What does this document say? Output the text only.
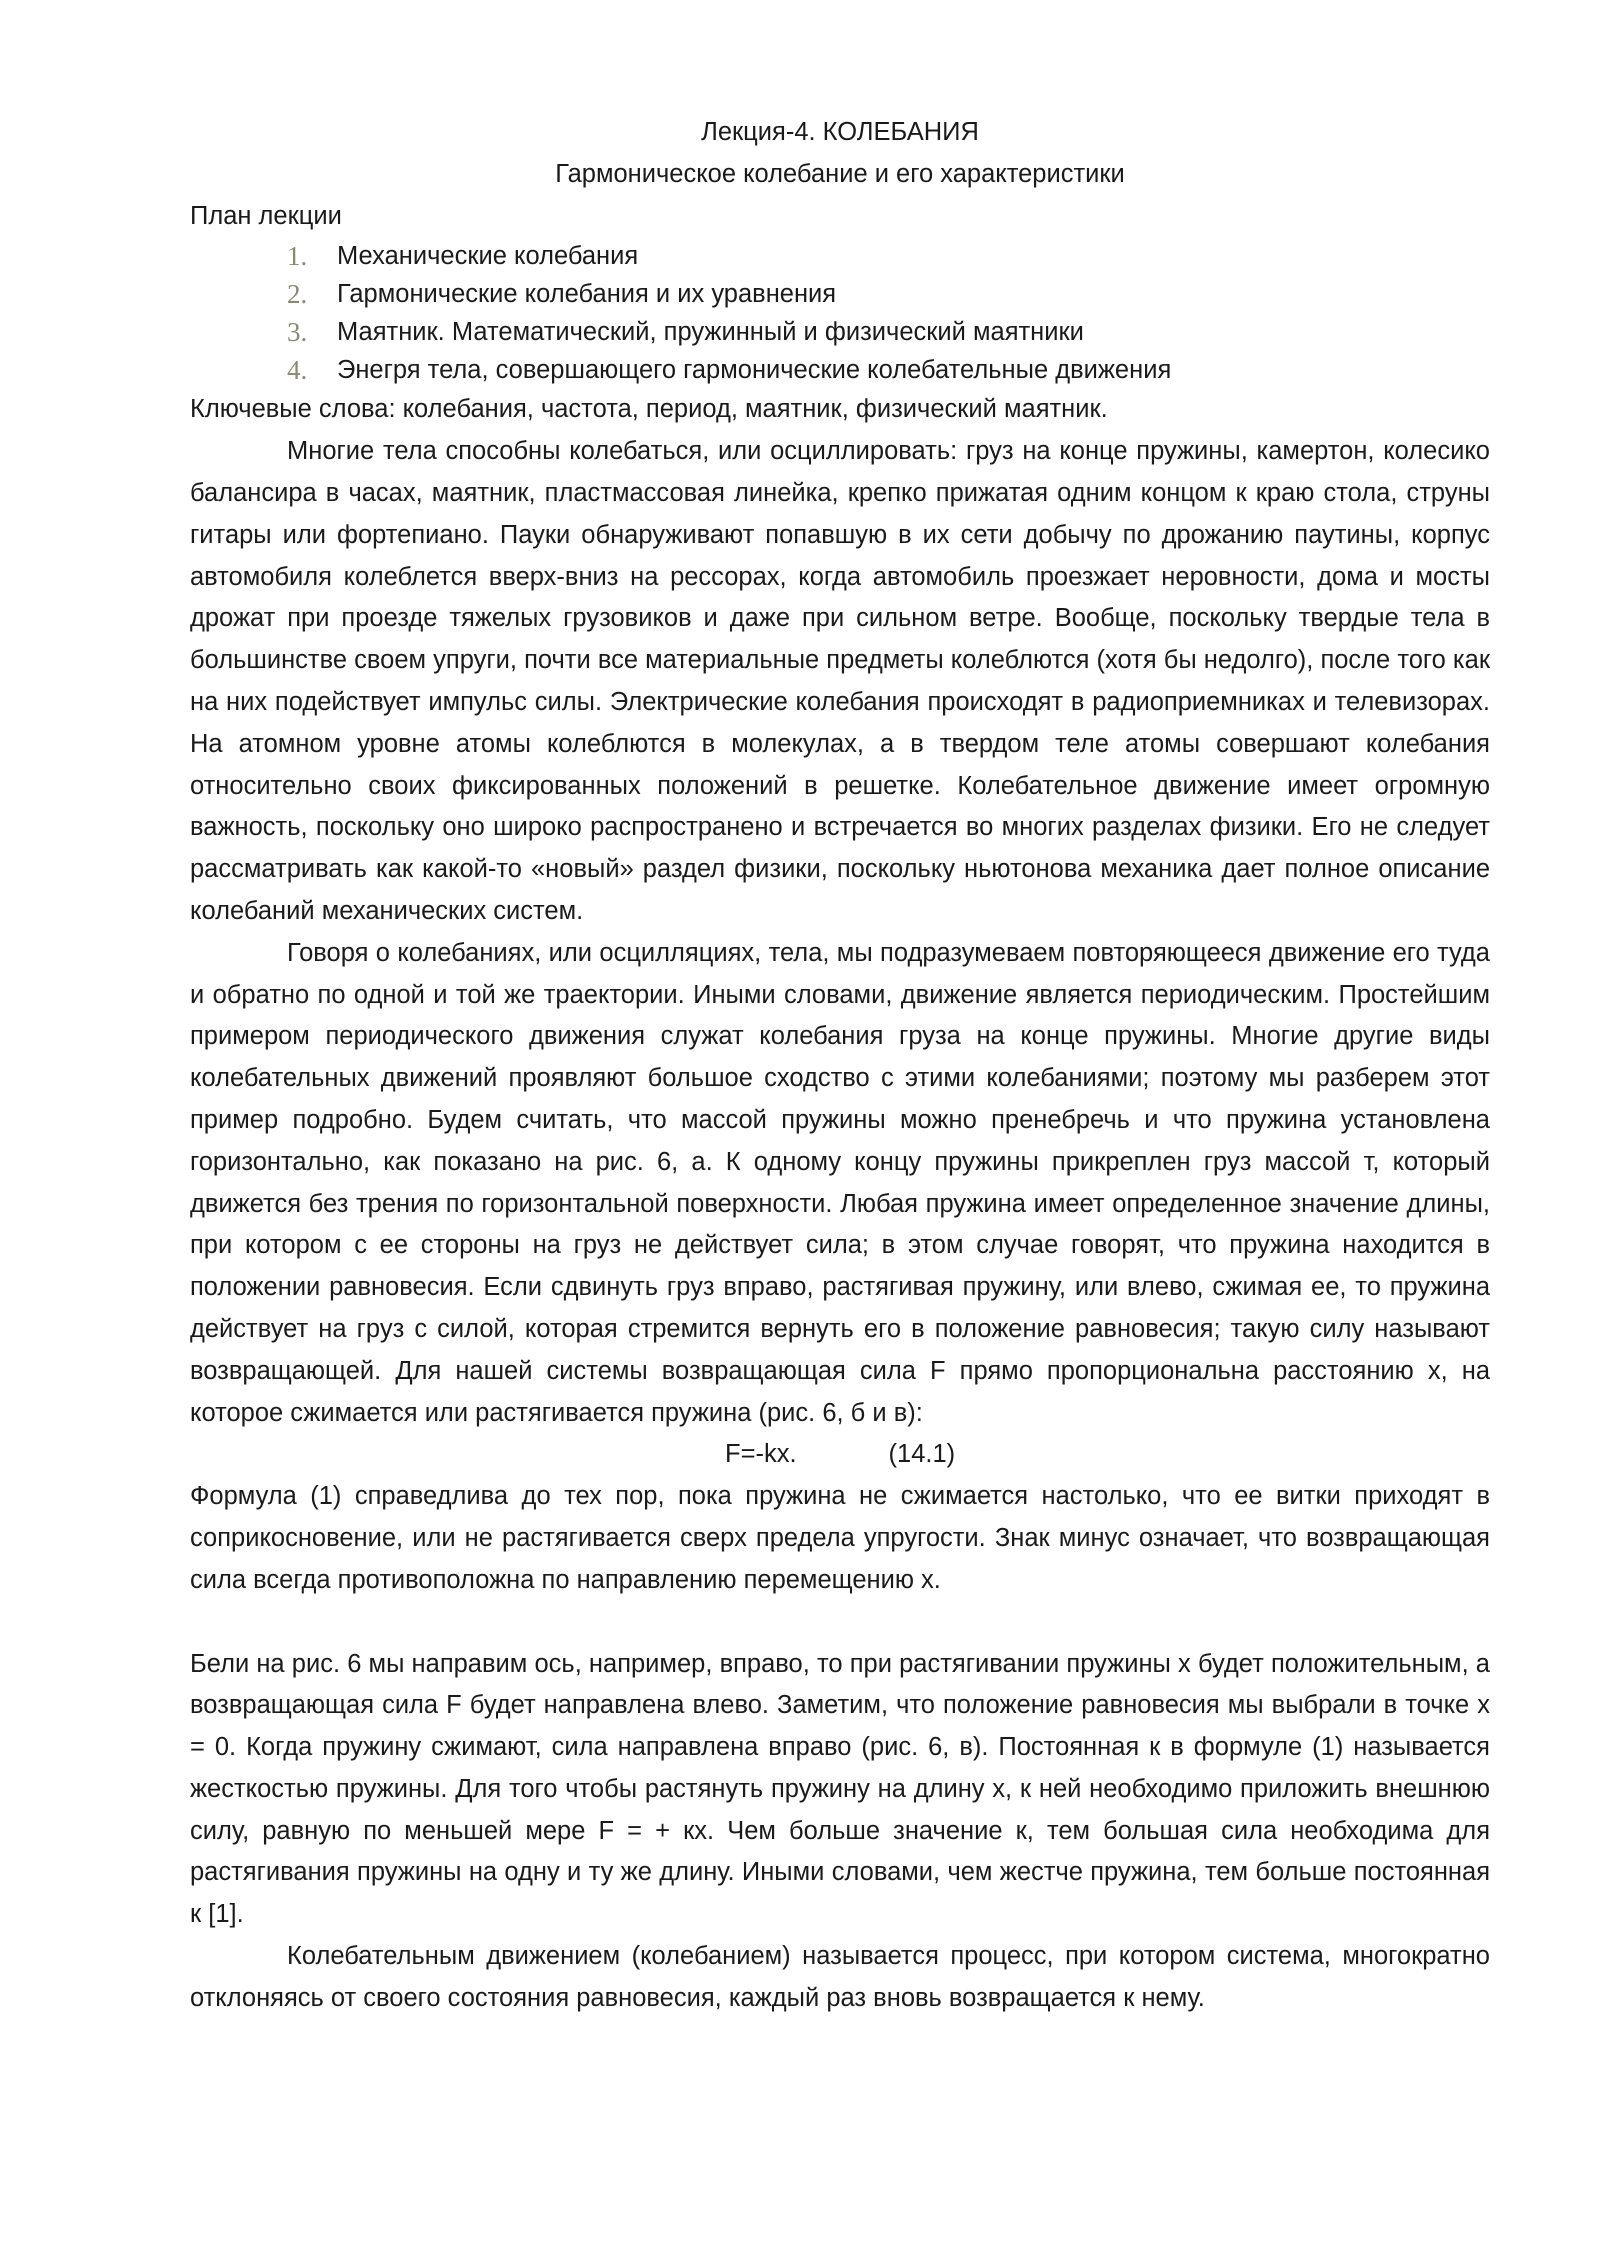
Лекция-4. КОЛЕБАНИЯ

Гармоническое колебание и его характеристики

План лекции

1. Механические колебания
2. Гармонические колебания и их уравнения
3. Маятник. Математический, пружинный и физический маятники
4. Энегря тела, совершающего гармонические колебательные движения

Ключевые слова: колебания, частота, период, маятник, физический маятник.

Многие тела способны колебаться, или осциллировать: груз на конце пружины, камертон, колесико балансира в часах, маятник, пластмассовая линейка, крепко прижатая одним концом к краю стола, струны гитары или фортепиано. Пауки обнаруживают попавшую в их сети добычу по дрожанию паутины, корпус автомобиля колеблется вверх-вниз на рессорах, когда автомобиль проезжает неровности, дома и мосты дрожат при проезде тяжелых грузовиков и даже при сильном ветре. Вообще, поскольку твердые тела в большинстве своем упруги, почти все материальные предметы колеблются (хотя бы недолго), после того как на них подействует импульс силы. Электрические колебания происходят в радиоприемниках и телевизорах. На атомном уровне атомы колеблются в молекулах, а в твердом теле атомы совершают колебания относительно своих фиксированных положений в решетке. Колебательное движение имеет огромную важность, поскольку оно широко распространено и встречается во многих разделах физики. Его не следует рассматривать как какой-то «новый» раздел физики, поскольку ньютонова механика дает полное описание колебаний механических систем.

Говоря о колебаниях, или осцилляциях, тела, мы подразумеваем повторяющееся движение его туда и обратно по одной и той же траектории. Иными словами, движение является периодическим. Простейшим примером периодического движения служат колебания груза на конце пружины. Многие другие виды колебательных движений проявляют большое сходство с этими колебаниями; поэтому мы разберем этот пример подробно. Будем считать, что массой пружины можно пренебречь и что пружина установлена горизонтально, как показано на рис. 6, а. К одному концу пружины прикреплен груз массой т, который движется без трения по горизонтальной поверхности. Любая пружина имеет определенное значение длины, при котором с ее стороны на груз не действует сила; в этом случае говорят, что пружина находится в положении равновесия. Если сдвинуть груз вправо, растягивая пружину, или влево, сжимая ее, то пружина действует на груз с силой, которая стремится вернуть его в положение равновесия; такую силу называют возвращающей. Для нашей системы возвращающая сила F прямо пропорциональна расстоянию х, на которое сжимается или растягивается пружина (рис. 6, б и в):

F=-kx.	(14.1)

Формула (1) справедлива до тех пор, пока пружина не сжимается настолько, что ее витки приходят в соприкосновение, или не растягивается сверх предела упругости. Знак минус означает, что возвращающая сила всегда противоположна по направлению перемещению х.

Бели на рис. 6 мы направим ось, например, вправо, то при растягивании пружины х будет положительным, а возвращающая сила F будет направлена влево. Заметим, что положение равновесия мы выбрали в точке х = 0. Когда пружину сжимают, сила направлена вправо (рис. 6, в). Постоянная к в формуле (1) называется жесткостью пружины. Для того чтобы растянуть пружину на длину х, к ней необходимо приложить внешнюю силу, равную по меньшей мере F = + кх. Чем больше значение к, тем большая сила необходима для растягивания пружины на одну и ту же длину. Иными словами, чем жестче пружина, тем больше постоянная к [1].

Колебательным движением (колебанием) называется процесс, при котором система, многократно отклоняясь от своего состояния равновесия, каждый раз вновь возвращается к нему.
